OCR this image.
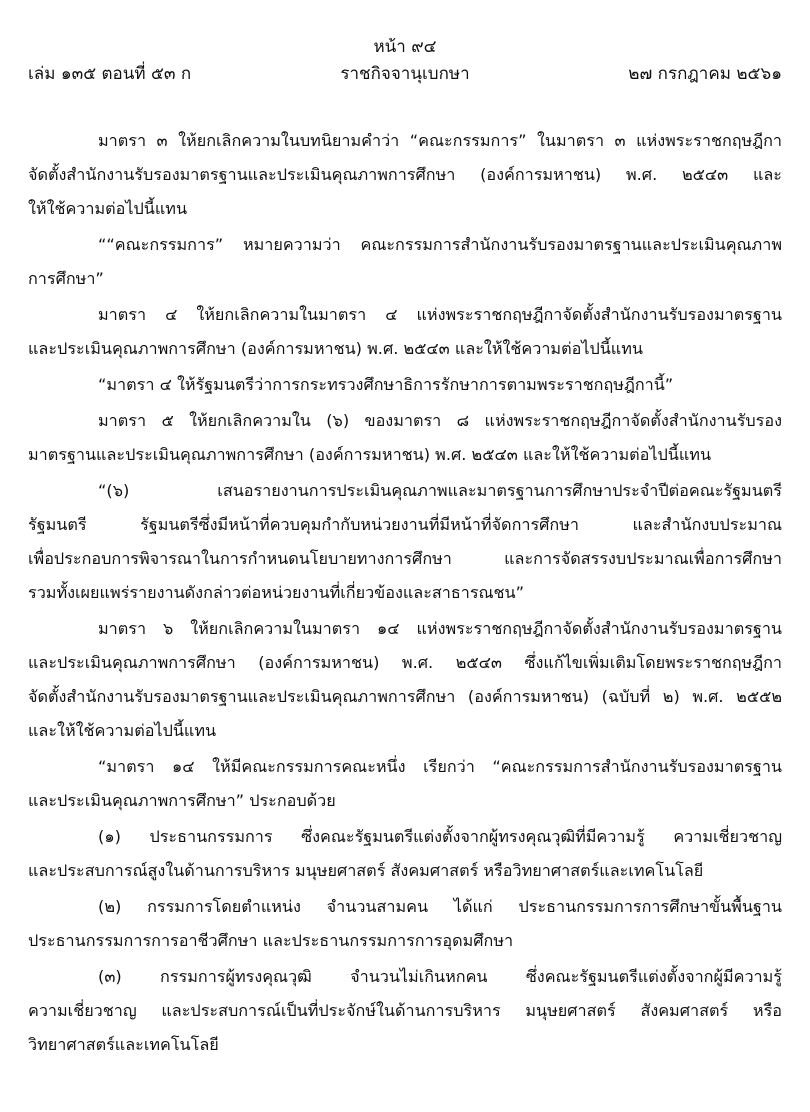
หน้า ๙๔
เล่ม ๑๓๕ ตอนที่ ๕๓ ก	ราชกิจจานุเบกษา	๒๗ กรกฎาคม ๒๕๖๑
มาตรา ๓ ให้ยกเลิกความในบทนิยามคำว่า “คณะกรรมการ” ในมาตรา ๓ แห่งพระราชกฤษฎีกา
จัดตั้งสำนักงานรับรองมาตรฐานและประเมินคุณภาพการศึกษา (องค์การมหาชน) พ.ศ. ๒๕๔๓ และ
ให้ใช้ความต่อไปนี้แทน
““คณะกรรมการ” หมายความว่า คณะกรรมการสำนักงานรับรองมาตรฐานและประเมินคุณภาพ
การศึกษา”
มาตรา ๔ ให้ยกเลิกความในมาตรา ๔ แห่งพระราชกฤษฎีกาจัดตั้งสำนักงานรับรองมาตรฐาน
และประเมินคุณภาพการศึกษา (องค์การมหาชน) พ.ศ. ๒๕๔๓ และให้ใช้ความต่อไปนี้แทน
“มาตรา ๔ ให้รัฐมนตรีว่าการกระทรวงศึกษาธิการรักษาการตามพระราชกฤษฎีกานี้”
มาตรา ๕ ให้ยกเลิกความใน (๖) ของมาตรา ๘ แห่งพระราชกฤษฎีกาจัดตั้งสำนักงานรับรอง
มาตรฐานและประเมินคุณภาพการศึกษา (องค์การมหาชน) พ.ศ. ๒๕๔๓ และให้ใช้ความต่อไปนี้แทน
“(๖) เสนอรายงานการประเมินคุณภาพและมาตรฐานการศึกษาประจำปีต่อคณะรัฐมนตรี
รัฐมนตรี รัฐมนตรีซึ่งมีหน้าที่ควบคุมกำกับหน่วยงานที่มีหน้าที่จัดการศึกษา และสำนักงบประมาณ
เพื่อประกอบการพิจารณาในการกำหนดนโยบายทางการศึกษา และการจัดสรรงบประมาณเพื่อการศึกษา
รวมทั้งเผยแพร่รายงานดังกล่าวต่อหน่วยงานที่เกี่ยวข้องและสาธารณชน”
มาตรา ๖ ให้ยกเลิกความในมาตรา ๑๔ แห่งพระราชกฤษฎีกาจัดตั้งสำนักงานรับรองมาตรฐาน
และประเมินคุณภาพการศึกษา (องค์การมหาชน) พ.ศ. ๒๕๔๓ ซึ่งแก้ไขเพิ่มเติมโดยพระราชกฤษฎีกา
จัดตั้งสำนักงานรับรองมาตรฐานและประเมินคุณภาพการศึกษา (องค์การมหาชน) (ฉบับที่ ๒) พ.ศ. ๒๕๕๒
และให้ใช้ความต่อไปนี้แทน
“มาตรา ๑๔ ให้มีคณะกรรมการคณะหนึ่ง เรียกว่า “คณะกรรมการสำนักงานรับรองมาตรฐาน
และประเมินคุณภาพการศึกษา” ประกอบด้วย
(๑) ประธานกรรมการ ซึ่งคณะรัฐมนตรีแต่งตั้งจากผู้ทรงคุณวุฒิที่มีความรู้ ความเชี่ยวชาญ
และประสบการณ์สูงในด้านการบริหาร มนุษยศาสตร์ สังคมศาสตร์ หรือวิทยาศาสตร์และเทคโนโลยี
(๒) กรรมการโดยตำแหน่ง จำนวนสามคน ได้แก่ ประธานกรรมการการศึกษาขั้นพื้นฐาน
ประธานกรรมการการอาชีวศึกษา และประธานกรรมการการอุดมศึกษา
(๓) กรรมการผู้ทรงคุณวุฒิ จำนวนไม่เกินหกคน ซึ่งคณะรัฐมนตรีแต่งตั้งจากผู้มีความรู้
ความเชี่ยวชาญ และประสบการณ์เป็นที่ประจักษ์ในด้านการบริหาร มนุษยศาสตร์ สังคมศาสตร์ หรือ
วิทยาศาสตร์และเทคโนโลยี
